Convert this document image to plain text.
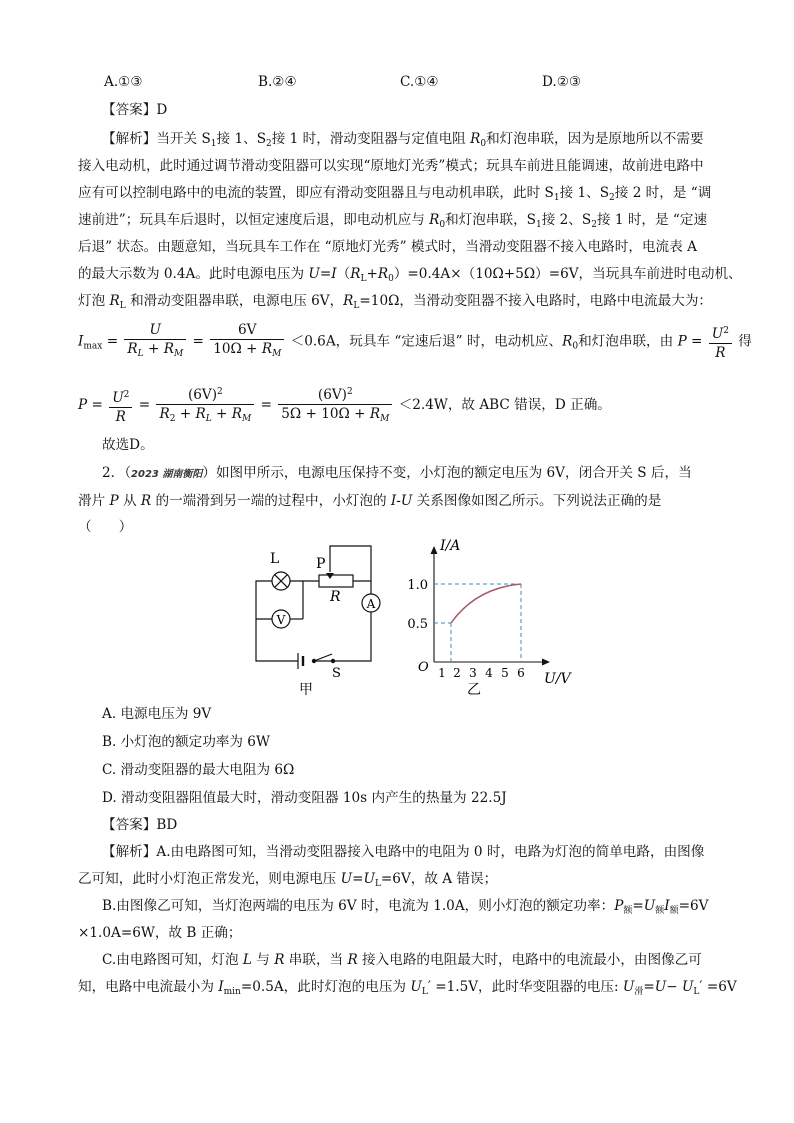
A.①③	B.②④	C.①④	D.②③
【答案】D
【解析】当开关 $S_1$接 1、$S_2$接 1 时，滑动变阻器与定值电阻 $R_0$和灯泡串联，因为是原地所以不需要
接入电动机，此时通过调节滑动变阻器可以实现“原地灯光秀”模式；玩具车前进且能调速，故前进电路中
应有可以控制电路中的电流的装置，即应有滑动变阻器且与电动机串联，此时 $S_1$接 1、$S_2$接 2 时，是 “调
速前进”；玩具车后退时，以恒定速度后退，即电动机应与 $R_0$和灯泡串联，$S_1$接 2、$S_2$接 1 时，是 “定速
后退” 状态。由题意知，当玩具车工作在 “原地灯光秀” 模式时，当滑动变阻器不接入电路时，电流表 A
的最大示数为 0.4A。此时电源电压为 $U=I(R_L+R_0)=0.4A\times(10\Omega+5\Omega)=6V$，当玩具车前进时电动机、
灯泡 $R_L$ 和滑动变阻器串联，电源电压 6V，$R_L=10\Omega$，当滑动变阻器不接入电路时，电路中电流最大为：
$I_{max} = \frac{U}{R_L + R_M} = \frac{6V}{10\Omega + R_M} <0.6A$，玩具车 “定速后退” 时，电动机应、$R_0$和灯泡串联，由 $P = \frac{U^2}{R}$ 得
$P = \frac{U^2}{R} = \frac{(6V)^2}{R_2 + R_L + R_M} = \frac{(6V)^2}{5\Omega + 10\Omega + R_M} <2.4W$，故 ABC 错误，D 正确。
故选D。
2．（2023 湖南衡阳）如图甲所示，电源电压保持不变，小灯泡的额定电压为 6V，闭合开关 S 后，当
滑片 P 从 R 的一端滑到另一端的过程中，小灯泡的 I-U 关系图像如图乙所示。下列说法正确的是
（　　）
L	P
R
V
A
S
甲
I/A
U/V
O
1.0
0.5
1 2 3 4 5 6
乙
A. 电源电压为 9V
B. 小灯泡的额定功率为 6W
C. 滑动变阻器的最大电阻为 6Ω
D. 滑动变阻器阻值最大时，滑动变阻器 10s 内产生的热量为 22.5J
【答案】BD
【解析】A.由电路图可知，当滑动变阻器接入电路中的电阻为 0 时，电路为灯泡的简单电路，由图像
乙可知，此时小灯泡正常发光，则电源电压 $U=U_L=6V$，故 A 错误；
B.由图像乙可知，当灯泡两端的电压为 6V 时，电流为 1.0A，则小灯泡的额定功率：$P_额=U_额I_额=6V$
×1.0A=6W，故 B 正确；
C.由电路图可知，灯泡 L 与 R 串联，当 R 接入电路的电阻最大时，电路中的电流最小，由图像乙可
知，电路中电流最小为 $I_{min}=0.5A$，此时灯泡的电压为 $U_L' =1.5V$，此时华变阻器的电压: $U_滑=U- U_L' =6V$
